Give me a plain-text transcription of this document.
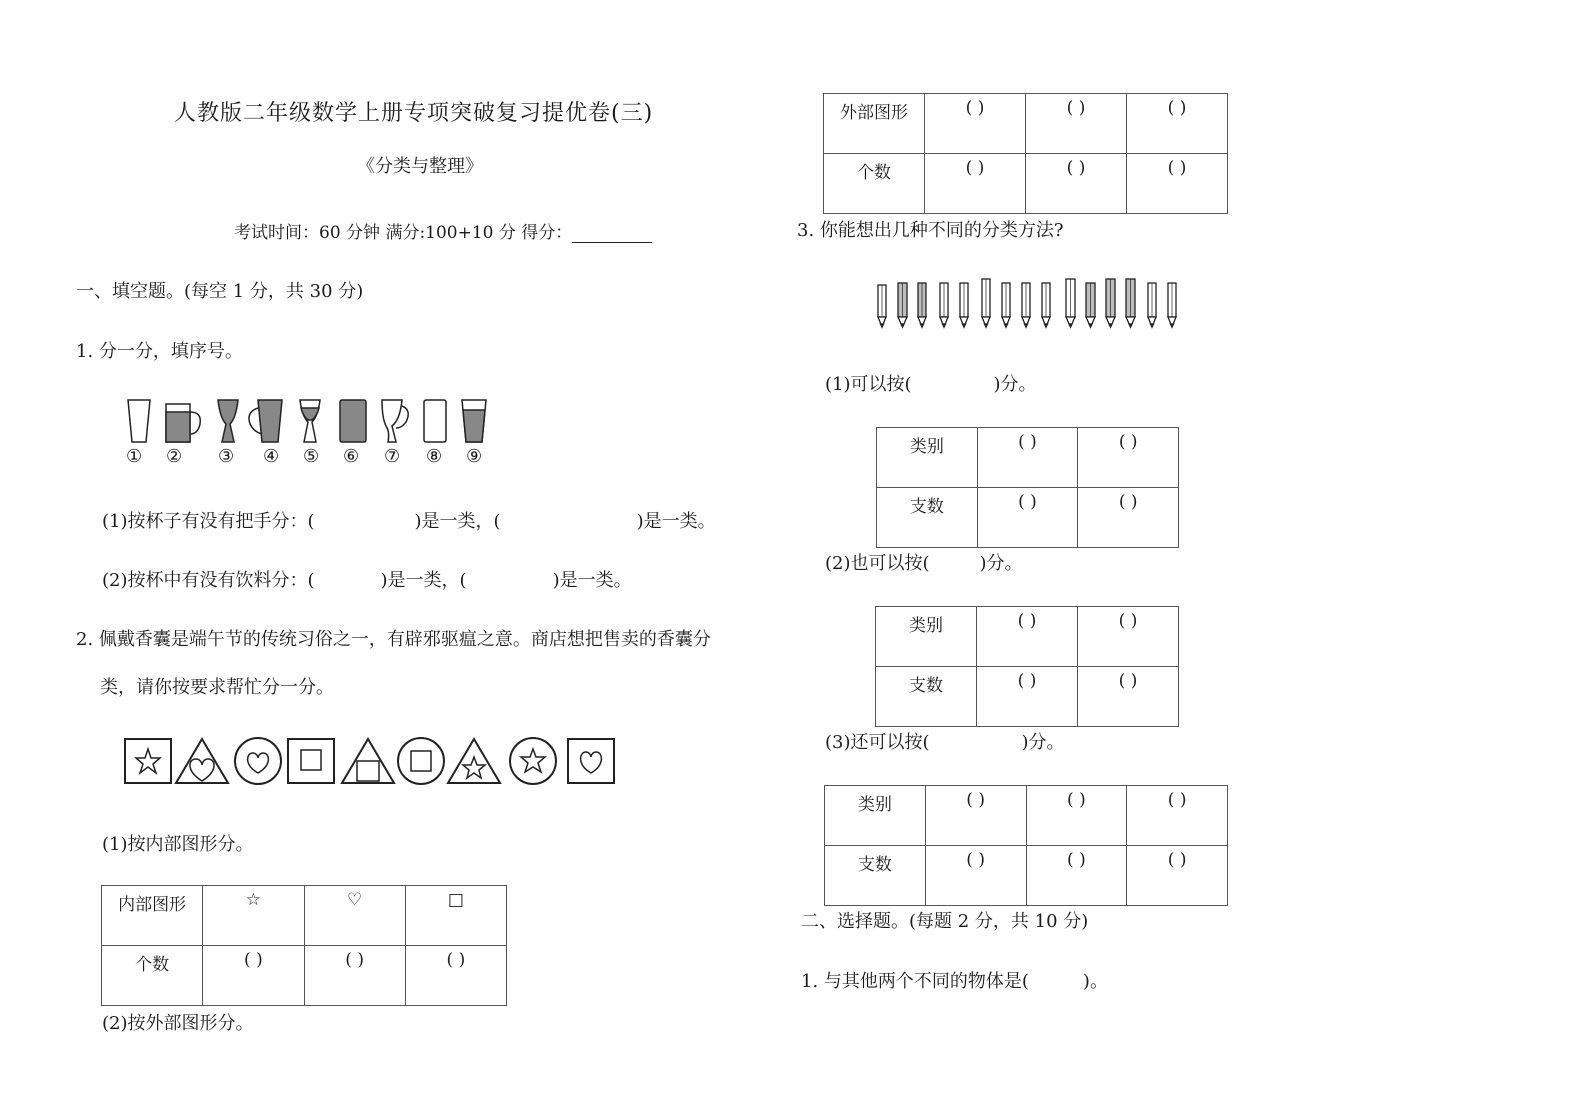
人教版二年级数学上册专项突破复习提优卷(三)
《分类与整理》
考试时间：60 分钟 满分:100+10 分 得分：
一、填空题。(每空 1 分，共 30 分)
1. 分一分，填序号。
① ② ③ ④ ⑤ ⑥ ⑦ ⑧ ⑨
(1)按杯子有没有把手分：(	)是一类，(	)是一类。
(2)按杯中有没有饮料分：(	)是一类，(	)是一类。
2. 佩戴香囊是端午节的传统习俗之一，有辟邪驱瘟之意。商店想把售卖的香囊分
类，请你按要求帮忙分一分。
(1)按内部图形分。
内部图形	☆	♡	□
个数	( )	( )	( )
(2)按外部图形分。
外部图形	( )	( )	( )
个数	( )	( )	( )
3. 你能想出几种不同的分类方法?
(1)可以按(	)分。
类别	( )	( )
支数	( )	( )
(2)也可以按(	)分。
类别	( )	( )
支数	( )	( )
(3)还可以按(	)分。
类别	( )	( )	( )
支数	( )	( )	( )
二、选择题。(每题 2 分，共 10 分)
1. 与其他两个不同的物体是(	)。
